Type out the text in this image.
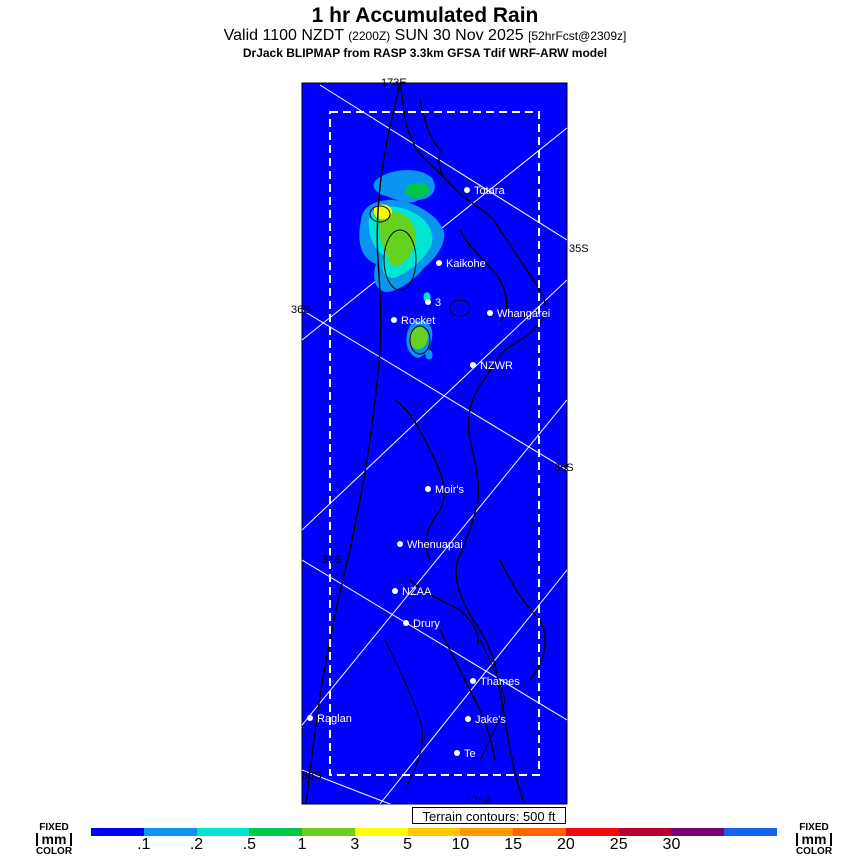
1 hr Accumulated Rain
Valid 1100 NZDT (2200Z) SUN 30 Nov 2025 [52hrFcst@2309z]
DrJack BLIPMAP from RASP 3.3km GFSA Tdif WRF-ARW model
173E
35S
36S
36S
37S
38S
176E
Totara
Kaikohe
3
Rocket
Whangarei
NZWR
Moir's
Whenuapai
NZAA
Drury
Thames
Raglan	Jake's
Te
Terrain contours: 500 ft
FIXED
mm
COLOR
FIXED
mm
COLOR
.1 .2 .5	1	3	5 10 15 20 25 30
